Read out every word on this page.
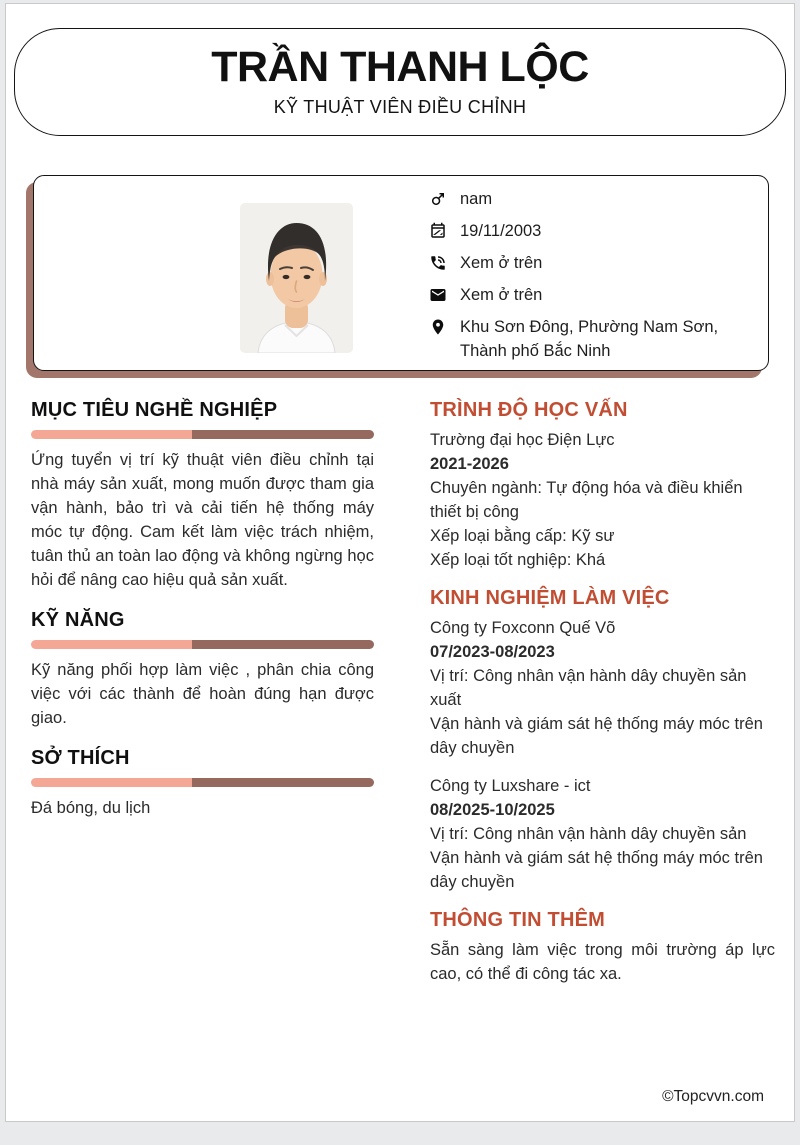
TRẦN THANH LỘC
KỸ THUẬT VIÊN ĐIỀU CHỈNH
nam
19/11/2003
Xem ở trên
Xem ở trên
Khu Sơn Đông, Phường Nam Sơn, Thành phố Bắc Ninh
MỤC TIÊU NGHỀ NGHIỆP

Ứng tuyển vị trí kỹ thuật viên điều chỉnh tại nhà máy sản xuất, mong muốn được tham gia vận hành, bảo trì và cải tiến hệ thống máy móc tự động. Cam kết làm việc trách nhiệm, tuân thủ an toàn lao động và không ngừng học hỏi để nâng cao hiệu quả sản xuất.

KỸ NĂNG

Kỹ năng phối hợp làm việc , phân chia công việc với các thành để hoàn đúng hạn được giao.

SỞ THÍCH

Đá bóng, du lịch

TRÌNH ĐỘ HỌC VẤN

Trường đại học Điện Lực

2021-2026

Chuyên ngành: Tự động hóa và điều khiển thiết bị công

Xếp loại bằng cấp: Kỹ sư

Xếp loại tốt nghiệp: Khá

KINH NGHIỆM LÀM VIỆC

Công ty Foxconn Quế Võ

07/2023-08/2023

Vị trí: Công nhân vận hành dây chuyền sản xuất

Vận hành và giám sát hệ thống máy móc trên dây chuyền

Công ty Luxshare - ict

08/2025-10/2025

Vị trí: Công nhân vận hành dây chuyền sản

Vận hành và giám sát hệ thống máy móc trên dây chuyền

THÔNG TIN THÊM

Sẵn sàng làm việc trong môi trường áp lực cao, có thể đi công tác xa.

©Topcvvn.com
